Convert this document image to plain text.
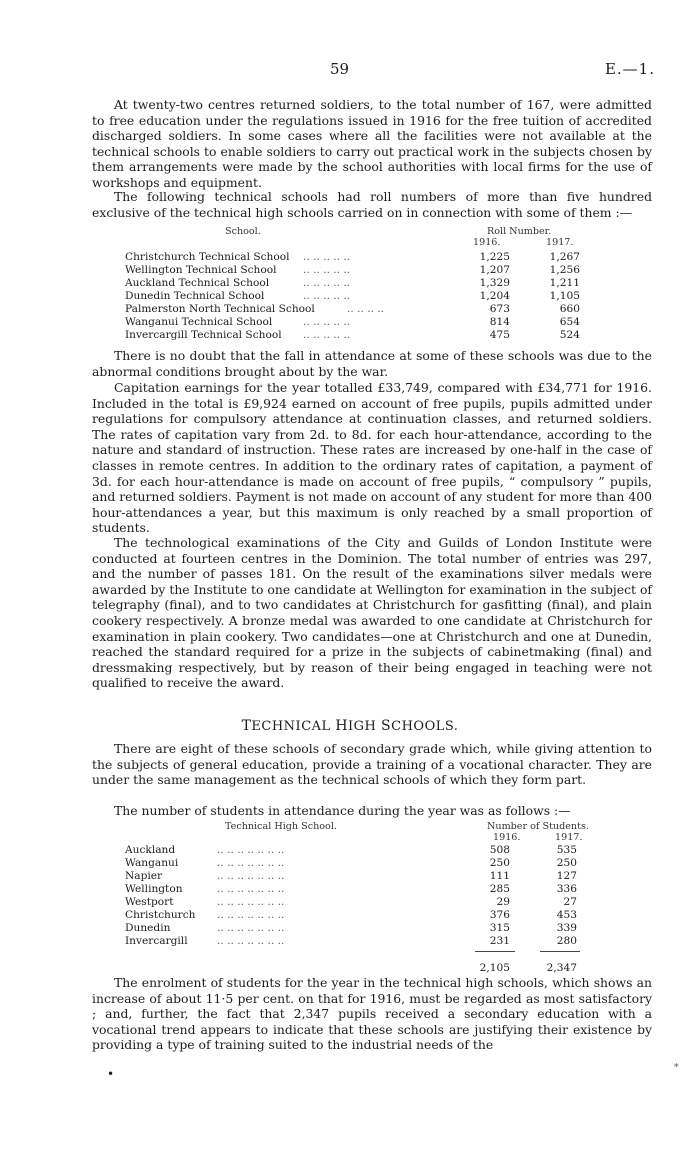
59	E.—1.

At twenty-two centres returned soldiers, to the total number of 167, were admitted to free education under the regulations issued in 1916 for the free tuition of accredited discharged soldiers. In some cases where all the facilities were not available at the technical schools to enable soldiers to carry out practical work in the subjects chosen by them arrangements were made by the school authorities with local firms for the use of workshops and equipment.

The following technical schools had roll numbers of more than five hundred exclusive of the technical high schools carried on in connection with some of them :—

School.	Roll Number.
1916.	1917.
Christchurch Technical School .. .. .. .. ..	1,225	1,267
Wellington Technical School .. .. .. .. ..	1,207	1,256
Auckland Technical School	.. .. .. .. ..	1,329	1,211
Dunedin Technical School	.. .. .. .. ..	1,204	1,105
Palmerston North Technical School	.. .. .. ..	673	660
Wanganui Technical School	.. .. .. .. ..	814	654
Invercargill Technical School .. .. .. .. ..	475	524

There is no doubt that the fall in attendance at some of these schools was due to the abnormal conditions brought about by the war.

Capitation earnings for the year totalled £33,749, compared with £34,771 for 1916. Included in the total is £9,924 earned on account of free pupils, pupils admitted under regulations for compulsory attendance at continuation classes, and returned soldiers. The rates of capitation vary from 2d. to 8d. for each hour-attendance, according to the nature and standard of instruction. These rates are increased by one-half in the case of classes in remote centres. In addition to the ordinary rates of capitation, a payment of 3d. for each hour-attendance is made on account of free pupils, “ compulsory ” pupils, and returned soldiers. Payment is not made on account of any student for more than 400 hour-attendances a year, but this maximum is only reached by a small proportion of students.

The technological examinations of the City and Guilds of London Institute were conducted at fourteen centres in the Dominion. The total number of entries was 297, and the number of passes 181. On the result of the examinations silver medals were awarded by the Institute to one candidate at Wellington for examination in the subject of telegraphy (final), and to two candidates at Christchurch for gasfitting (final), and plain cookery respectively. A bronze medal was awarded to one candidate at Christchurch for examination in plain cookery. Two candidates—one at Christchurch and one at Dunedin, reached the standard required for a prize in the subjects of cabinetmaking (final) and dressmaking respectively, but by reason of their being engaged in teaching were not qualified to receive the award.

TECHNICAL HIGH SCHOOLS.

There are eight of these schools of secondary grade which, while giving attention to the subjects of general education, provide a training of a vocational character. They are under the same management as the technical schools of which they form part.

The number of students in attendance during the year was as follows :—

Technical High School.	Number of Students.
1916.	1917.
Auckland	.. .. .. .. .. .. ..	508	535
Wanganui	.. .. .. .. .. .. ..	250	250
Napier	.. .. .. .. .. .. ..	111	127
Wellington	.. .. .. .. .. .. ..	285	336
Westport	.. .. .. .. .. .. ..	29	27
Christchurch .. .. .. .. .. .. ..	376	453
Dunedin	.. .. .. .. .. .. ..	315	339
Invercargill	.. .. .. .. .. .. ..	231	280
2,105	2,347
•	*

The enrolment of students for the year in the technical high schools, which shows an increase of about 11·5 per cent. on that for 1916, must be regarded as most satisfactory ; and, further, the fact that 2,347 pupils received a secondary education with a vocational trend appears to indicate that these schools are justifying their existence by providing a type of training suited to the industrial needs of the
